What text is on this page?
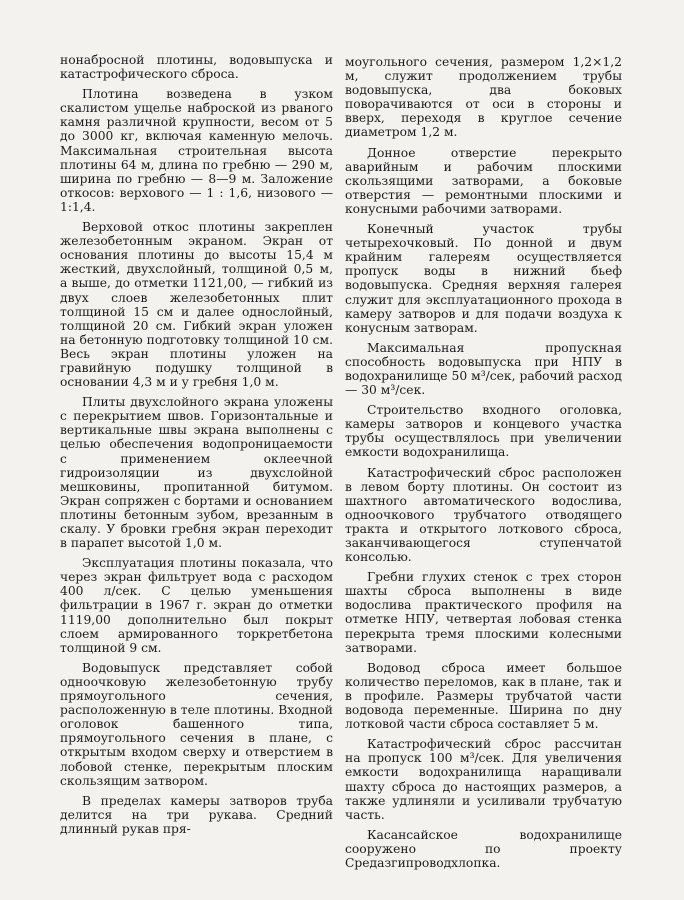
нонабросной плотины, водовыпуска и катастрофического сброса.

Плотина возведена в узком скалистом ущелье наброской из рваного камня различной крупности, весом от 5 до 3000 кг, включая каменную мелочь. Максимальная строительная высота плотины 64 м, длина по гребню — 290 м, ширина по гребню — 8—9 м. Заложение откосов: верхового — 1 : 1,6, низового — 1:1,4.

Верховой откос плотины закреплен железобетонным экраном. Экран от основания плотины до высоты 15,4 м жесткий, двухслойный, толщиной 0,5 м, а выше, до отметки 1121,00, — гибкий из двух слоев железобетонных плит толщиной 15 см и далее однослойный, толщиной 20 см. Гибкий экран уложен на бетонную подготовку толщиной 10 см. Весь экран плотины уложен на гравийную подушку толщиной в основании 4,3 м и у гребня 1,0 м.

Плиты двухслойного экрана уложены с перекрытием швов. Горизонтальные и вертикальные швы экрана выполнены с целью обеспечения водопроницаемости с применением оклеечной гидроизоляции из двухслойной мешковины, пропитанной битумом. Экран сопряжен с бортами и основанием плотины бетонным зубом, врезанным в скалу. У бровки гребня экран переходит в парапет высотой 1,0 м.

Эксплуатация плотины показала, что через экран фильтрует вода с расходом 400 л/сек. С целью уменьшения фильтрации в 1967 г. экран до отметки 1119,00 дополнительно был покрыт слоем армированного торкретбетона толщиной 9 см.

Водовыпуск представляет собой одноочковую железобетонную трубу прямоугольного сечения, расположенную в теле плотины. Входной оголовок башенного типа, прямоугольного сечения в плане, с открытым входом сверху и отверстием в лобовой стенке, перекрытым плоским скользящим затвором.

В пределах камеры затворов труба делится на три рукава. Средний длинный рукав пря-

моугольного сечения, размером 1,2×1,2 м, служит продолжением трубы водовыпуска, два боковых поворачиваются от оси в стороны и вверх, переходя в круглое сечение диаметром 1,2 м.

Донное отверстие перекрыто аварийным и рабочим плоскими скользящими затворами, а боковые отверстия — ремонтными плоскими и конусными рабочими затворами.

Конечный участок трубы четырехочковый. По донной и двум крайним галереям осуществляется пропуск воды в нижний бьеф водовыпуска. Средняя верхняя галерея служит для эксплуатационного прохода в камеру затворов и для подачи воздуха к конусным затворам.

Максимальная пропускная способность водовыпуска при НПУ в водохранилище 50 м³/сек, рабочий расход — 30 м³/сек.

Строительство входного оголовка, камеры затворов и концевого участка трубы осуществлялось при увеличении емкости водохранилища.

Катастрофический сброс расположен в левом борту плотины. Он состоит из шахтного автоматического водослива, одноочкового трубчатого отводящего тракта и открытого лоткового сброса, заканчивающегося ступенчатой консолью.

Гребни глухих стенок с трех сторон шахты сброса выполнены в виде водослива практического профиля на отметке НПУ, четвертая лобовая стенка перекрыта тремя плоскими колесными затворами.

Водовод сброса имеет большое количество переломов, как в плане, так и в профиле. Размеры трубчатой части водовода переменные. Ширина по дну лотковой части сброса составляет 5 м.

Катастрофический сброс рассчитан на пропуск 100 м³/сек. Для увеличения емкости водохранилища наращивали шахту сброса до настоящих размеров, а также удлиняли и усиливали трубчатую часть.

Касансайское водохранилище сооружено по проекту Средазгипроводхлопка.
